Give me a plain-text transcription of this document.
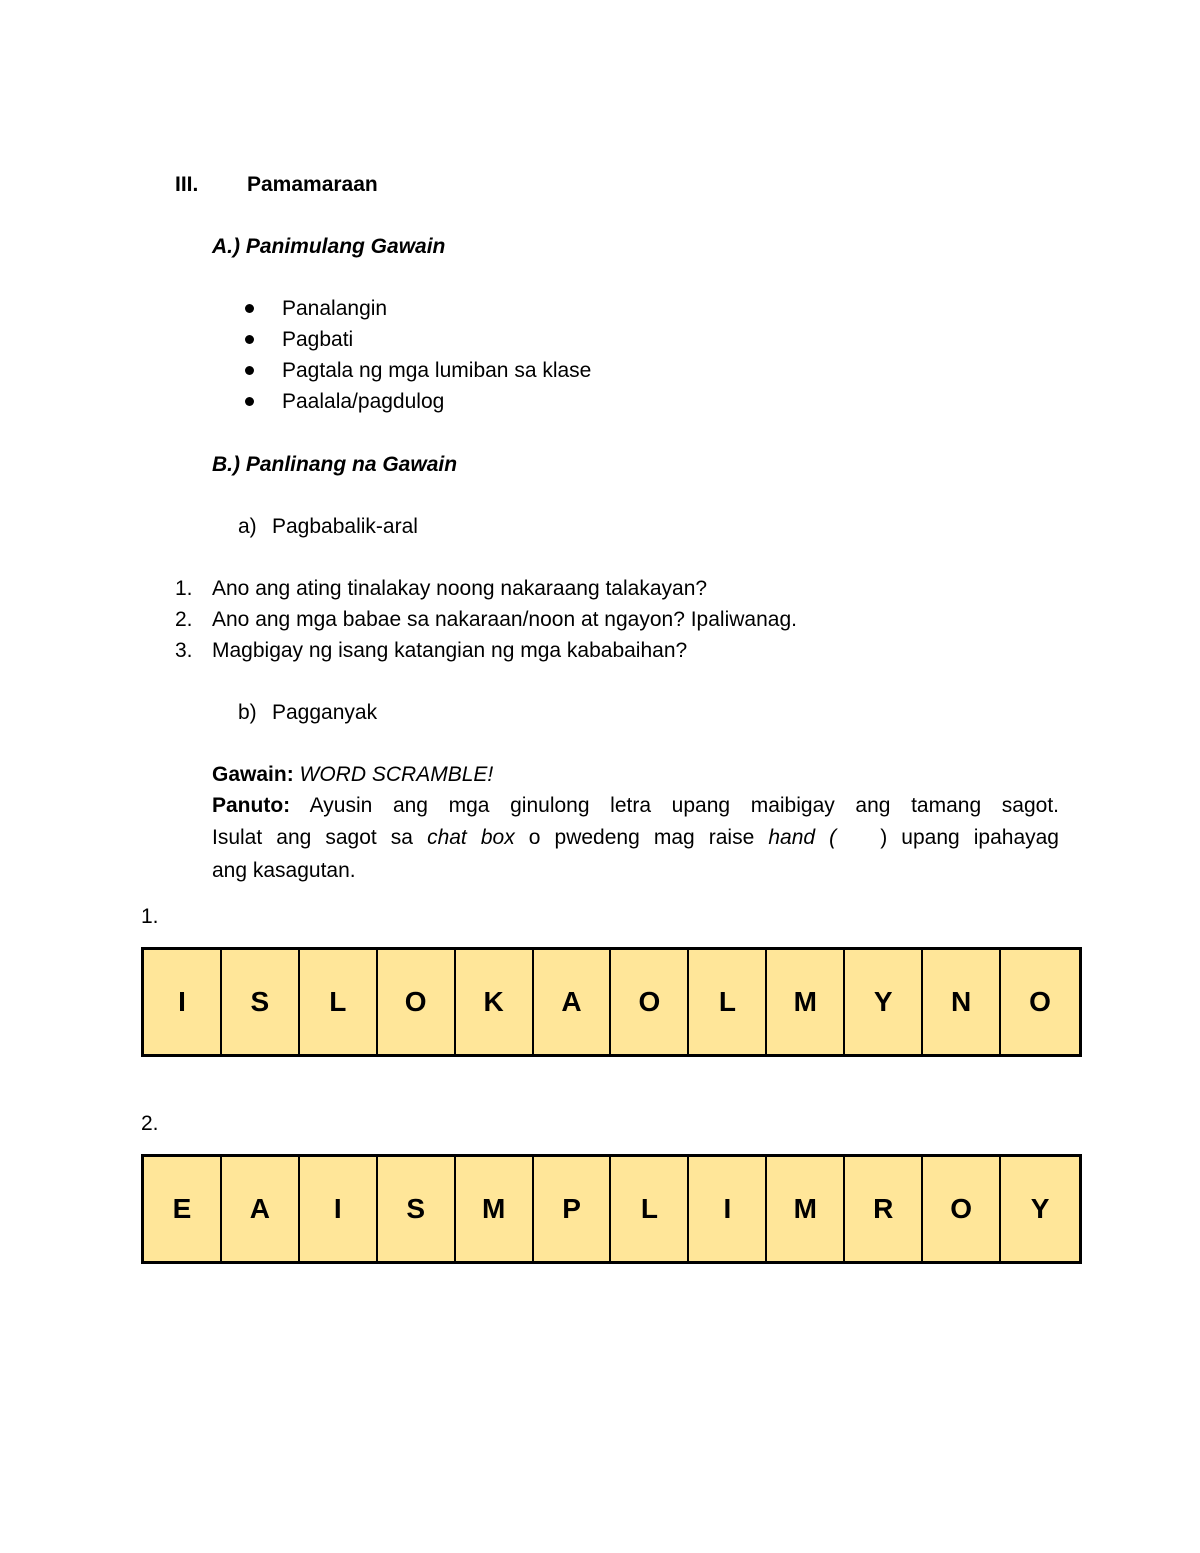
III. Pamamaraan
A.) Panimulang Gawain
Panalangin
Pagbati
Pagtala ng mga lumiban sa klase
Paalala/pagdulog
B.) Panlinang na Gawain
a) Pagbabalik-aral
1. Ano ang ating tinalakay noong nakaraang talakayan?
2. Ano ang mga babae sa nakaraan/noon at ngayon? Ipaliwanag.
3. Magbigay ng isang katangian ng mga kababaihan?
b) Pagganyak
Gawain: WORD SCRAMBLE!
Panuto: Ayusin ang mga ginulong letra upang maibigay ang tamang sagot.
Isulat ang sagot sa chat box o pwedeng mag raise hand ( ) upang ipahayag
ang kasagutan.
1.
I	S	L	O	K	A	O	L	M	Y	N	O
2.
E	A	I	S	M	P	L	I	M	R	O	Y
